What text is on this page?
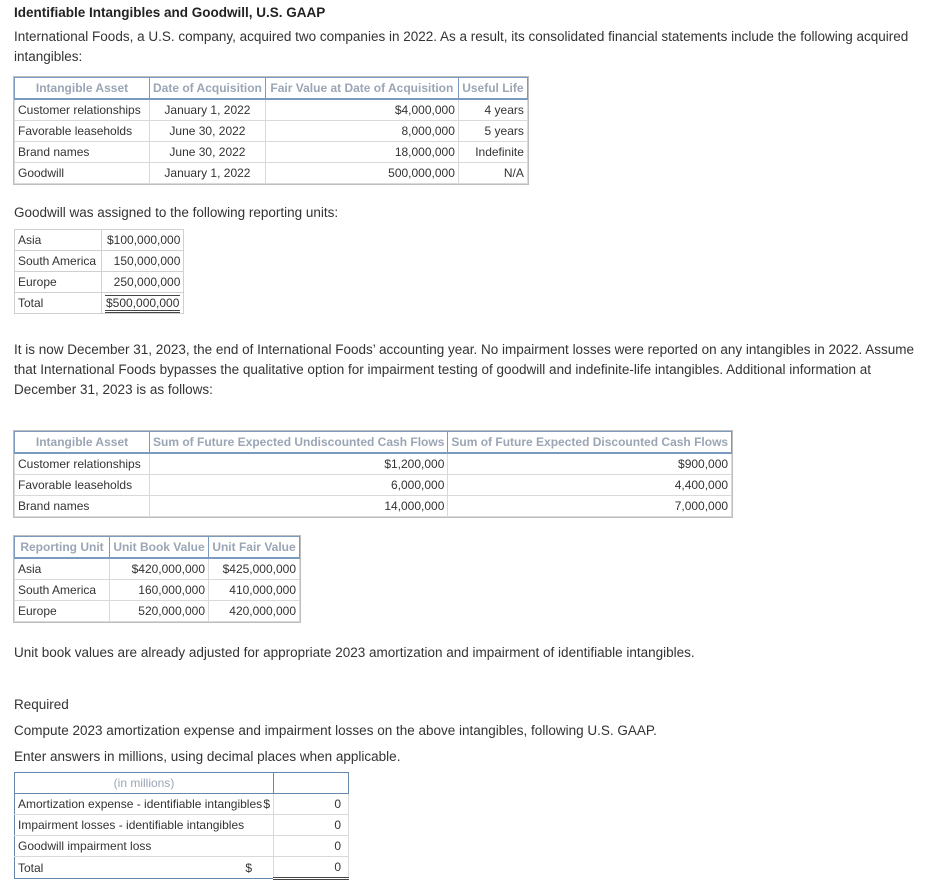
Identifiable Intangibles and Goodwill, U.S. GAAP
International Foods, a U.S. company, acquired two companies in 2022. As a result, its consolidated financial statements include the following acquired intangibles:
Intangible Asset	Date of Acquisition	Fair Value at Date of Acquisition	Useful Life
Customer relationships	January 1, 2022	$4,000,000	4 years
Favorable leaseholds	June 30, 2022	8,000,000	5 years
Brand names	June 30, 2022	18,000,000	Indefinite
Goodwill	January 1, 2022	500,000,000	N/A
Goodwill was assigned to the following reporting units:
Asia	$100,000,000
South America	150,000,000
Europe	250,000,000
Total	$500,000,000
It is now December 31, 2023, the end of International Foods’ accounting year. No impairment losses were reported on any intangibles in 2022. Assume that International Foods bypasses the qualitative option for impairment testing of goodwill and indefinite-life intangibles. Additional information at December 31, 2023 is as follows:
Intangible Asset	Sum of Future Expected Undiscounted Cash Flows	Sum of Future Expected Discounted Cash Flows
Customer relationships	$1,200,000	$900,000
Favorable leaseholds	6,000,000	4,400,000
Brand names	14,000,000	7,000,000
Reporting Unit	Unit Book Value	Unit Fair Value
Asia	$420,000,000	$425,000,000
South America	160,000,000	410,000,000
Europe	520,000,000	420,000,000
Unit book values are already adjusted for appropriate 2023 amortization and impairment of identifiable intangibles.
Required
Compute 2023 amortization expense and impairment losses on the above intangibles, following U.S. GAAP.
Enter answers in millions, using decimal places when applicable.
(in millions)	
Amortization expense - identifiable intangibles $	0
Impairment losses - identifiable intangibles	0
Goodwill impairment loss	0
Total $	0
